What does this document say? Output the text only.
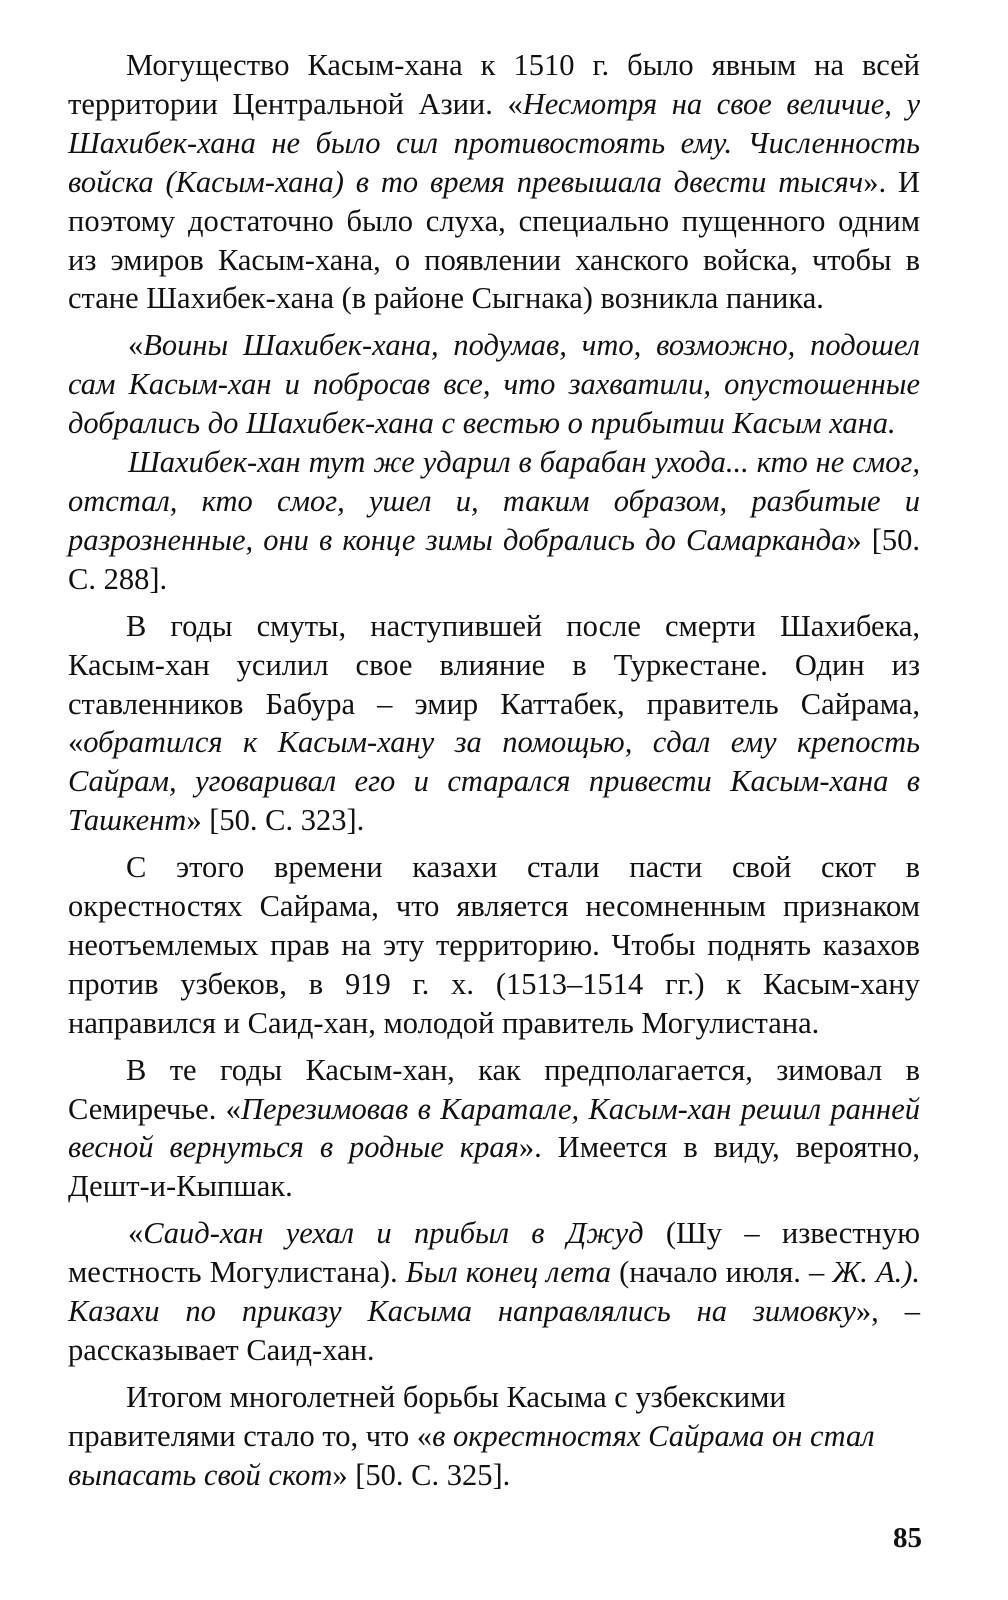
Могущество Касым-хана к 1510 г. было явным на всей территории Центральной Азии. «Несмотря на свое величие, у Шахибек-хана не было сил противостоять ему. Численность войска (Касым-хана) в то время превышала двести тысяч». И поэтому достаточно было слуха, специально пущенного одним из эмиров Касым-хана, о появлении ханского войска, чтобы в стане Шахибек-хана (в районе Сыгнака) возникла паника.

«Воины Шахибек-хана, подумав, что, возможно, подошел сам Касым-хан и побросав все, что захватили, опустошенные добрались до Шахибек-хана с вестью о прибытии Касым хана.

Шахибек-хан тут же ударил в барабан ухода... кто не смог, отстал, кто смог, ушел и, таким образом, разбитые и разрозненные, они в конце зимы добрались до Самарканда» [50. С. 288].

В годы смуты, наступившей после смерти Шахибека, Касым-хан усилил свое влияние в Туркестане. Один из ставленников Бабура – эмир Каттабек, правитель Сайрама, «обратился к Касым-хану за помощью, сдал ему крепость Сайрам, уговаривал его и старался привести Касым-хана в Ташкент» [50. С. 323].

С этого времени казахи стали пасти свой скот в окрестностях Сайрама, что является несомненным признаком неотъемлемых прав на эту территорию. Чтобы поднять казахов против узбеков, в 919 г. х. (1513–1514 гг.) к Касым-хану направился и Саид-хан, молодой правитель Могулистана.

В те годы Касым-хан, как предполагается, зимовал в Семиречье. «Перезимовав в Каратале, Касым-хан решил ранней весной вернуться в родные края». Имеется в виду, вероятно, Дешт-и-Кыпшак.

«Саид-хан уехал и прибыл в Джуд (Шу – известную местность Могулистана). Был конец лета (начало июля. – Ж. А.). Казахи по приказу Касыма направлялись на зимовку», – рассказывает Саид-хан.

Итогом многолетней борьбы Касыма с узбекскими правителями стало то, что «в окрестностях Сайрама он стал выпасать свой скот» [50. С. 325].

85
